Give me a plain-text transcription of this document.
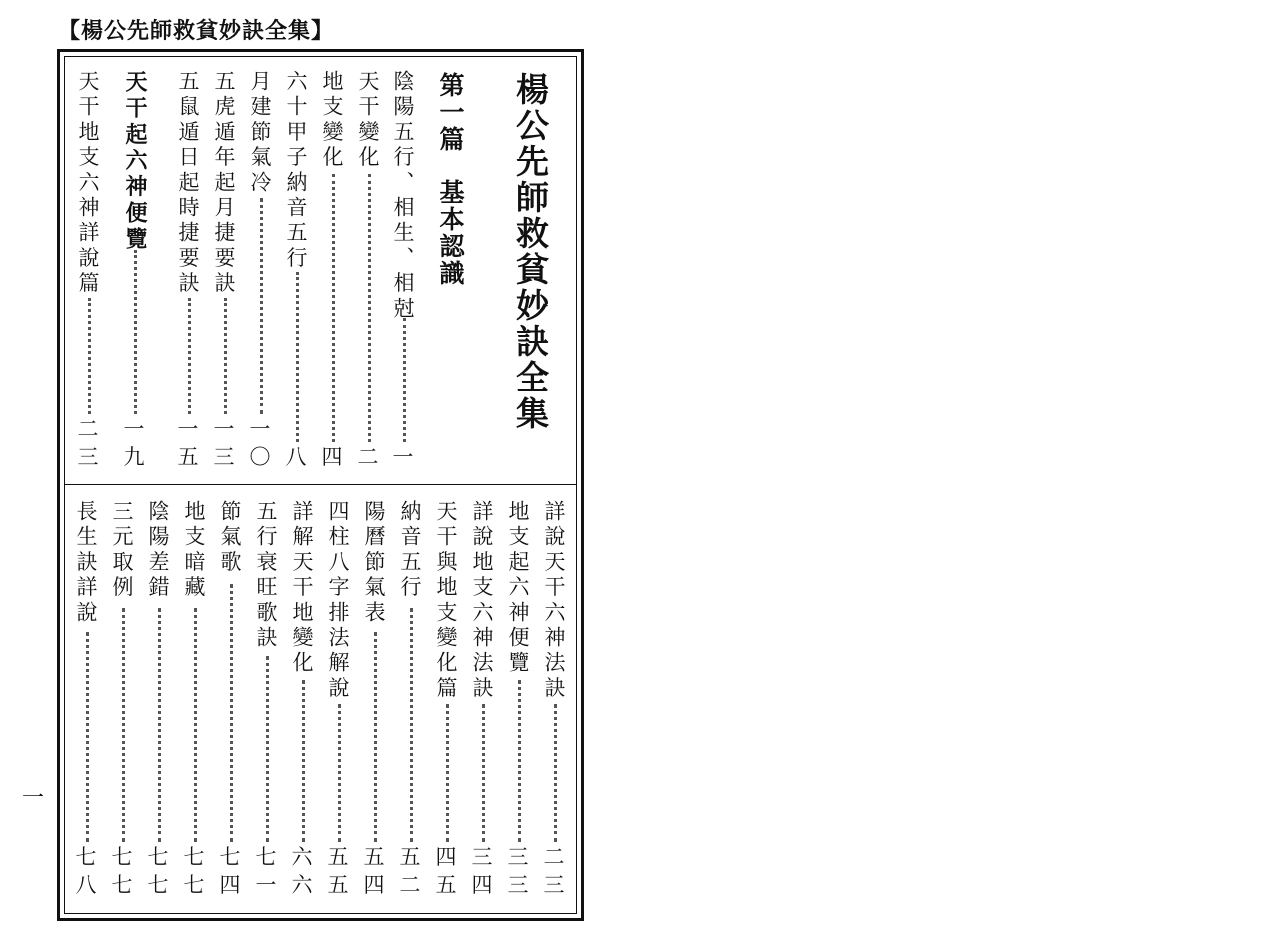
【楊公先師救貧妙訣全集】
楊公先師救貧妙訣全集
第一篇基本認識
陰陽五行、相生、相尅
一
天干變化
二
地支變化
四
六十甲子納音五行
八
月建節氣冷
一
〇
五虎遁年起月捷要訣
一
三
五鼠遁日起時捷要訣
一
五
天干起六神便覽
一
九
天干地支六神詳說篇
二
三
詳說天干六神法訣
二
三
地支起六神便覽
三
三
詳說地支六神法訣
三
四
天干與地支變化篇
四
五
納音五行
五
二
陽曆節氣表
五
四
四柱八字排法解說
五
五
詳解天干地變化
六
六
五行衰旺歌訣
七
一
節氣歌
七
四
地支暗藏
七
七
陰陽差錯
七
七
三元取例
七
七
長生訣詳說
七
八
一
